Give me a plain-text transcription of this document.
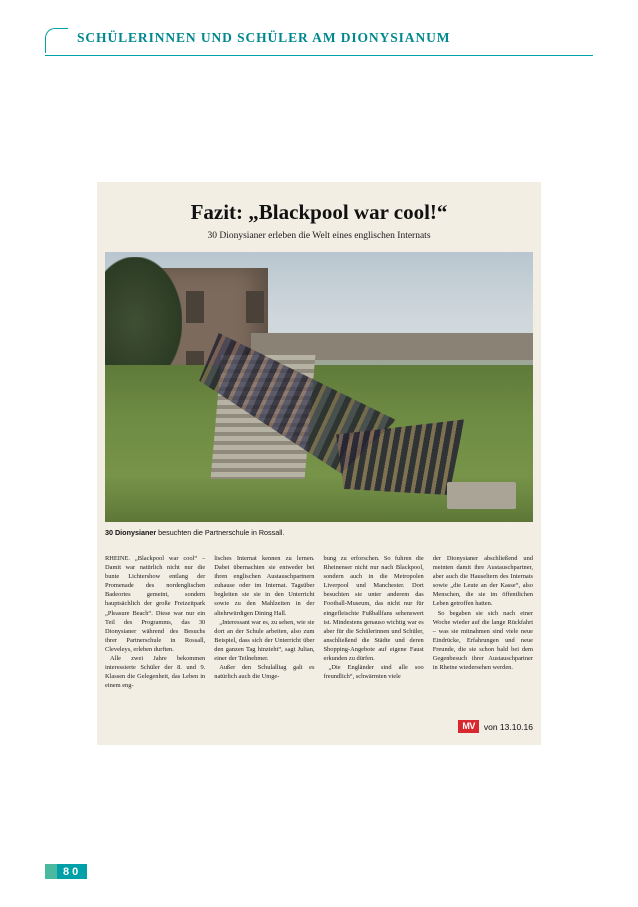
SCHÜLERINNEN UND SCHÜLER AM DIONYSIANUM
Fazit: „Blackpool war cool!“
30 Dionysianer erleben die Welt eines englischen Internats
30 Dionysianer besuchten die Partnerschule in Rossall.

RHEINE. „Blackpool war cool“ – Damit war natürlich nicht nur die bunte Lichtershow entlang der Promenade des nordenglischen Badeortes gemeint, sondern hauptsächlich der große Freizeitpark „Pleasure Beach“. Diese war nur ein Teil des Programms, das 30 Dionysianer während des Besuchs ihrer Partnerschule in Rossall, Cleveleys, erleben durften.

Alle zwei Jahre bekommen interessierte Schüler der 8. und 9. Klassen die Gelegenheit, das Leben in einem eng-

lisches Internat kennen zu lernen. Dabei übernachten sie entweder bei ihren englischen Austauschpartnern zuhause oder im Internat. Tagsüber begleiten sie sie in den Unterricht sowie zu den Mahlzeiten in der altehrwürdigen Dining Hall.

„Interessant war es, zu sehen, wie sie dort an der Schule arbeiten, also zum Beispiel, dass sich der Unterricht über den ganzen Tag hinzieht“, sagt Julian, einer der Teilnehmer.

Außer den Schulalltag galt es natürlich auch die Umge-

bung zu erforschen. So fuhren die Rheinenser nicht nur nach Blackpool, sondern auch in die Metropolen Liverpool und Manchester. Dort besuchten sie unter anderem das Football-Museum, das nicht nur für eingefleischte Fußballfans sehenswert ist. Mindestens genauso wichtig war es aber für die Schülerinnen und Schüler, anschließend die Städte und deren Shopping-Angebote auf eigene Faust erkunden zu dürfen.

„Die Engländer sind alle soo freundlich“, schwärmten viele

der Dionysianer abschließend und meinten damit ihre Austauschpartner, aber auch die Hauseltern des Internats sowie „die Leute an der Kasse“, also Menschen, die sie im öffentlichen Leben getroffen hatten.

So begaben sie sich nach einer Woche wieder auf die lange Rückfahrt – was sie mitnahmen sind viele neue Eindrücke, Erfahrungen und neue Freunde, die sie schon bald bei dem Gegenbesuch ihrer Austauschpartner in Rheine wiedersehen werden.

MV	von 13.10.16
80
